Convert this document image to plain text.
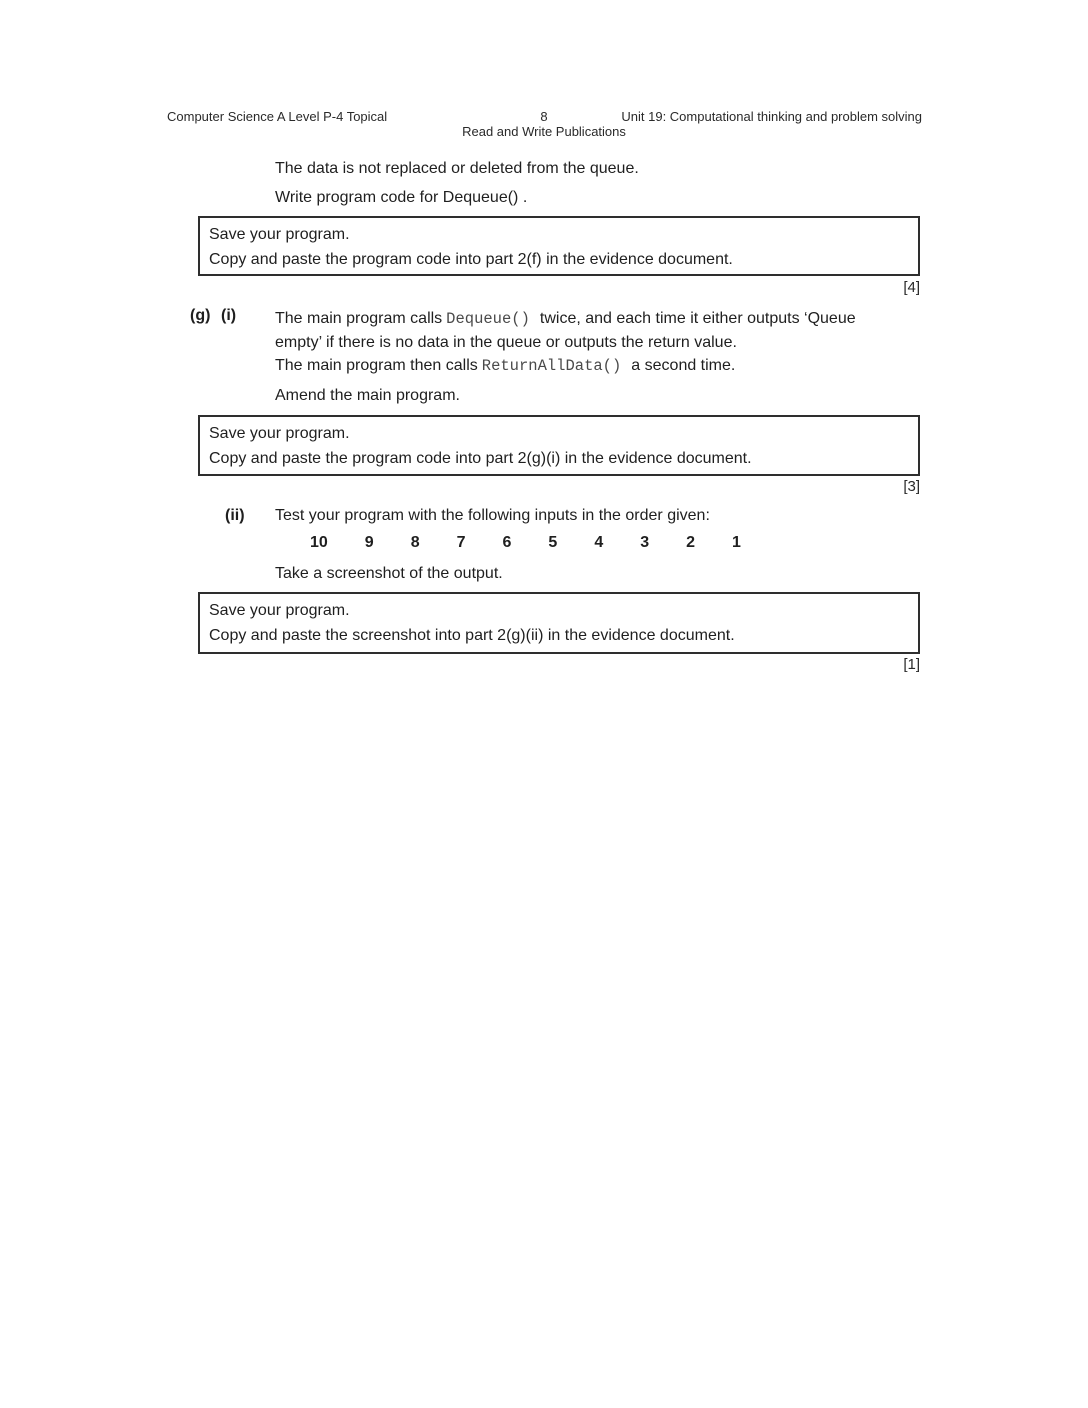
Computer Science A Level P-4 Topical	8	Unit 19: Computational thinking and problem solving
Read and Write Publications
The data is not replaced or deleted from the queue.
Write program code for Dequeue() .
Save your program.
Copy and paste the program code into part 2(f) in the evidence document.
[4]
(g) (i) The main program calls Dequeue() twice, and each time it either outputs ‘Queue empty’ if there is no data in the queue or outputs the return value.
The main program then calls ReturnAllData() a second time.
Amend the main program.
Save your program.
Copy and paste the program code into part 2(g)(i) in the evidence document.
[3]
(ii) Test your program with the following inputs in the order given:
10 9 8 7 6 5 4 3 2 1
Take a screenshot of the output.
Save your program.
Copy and paste the screenshot into part 2(g)(ii) in the evidence document.
[1]
